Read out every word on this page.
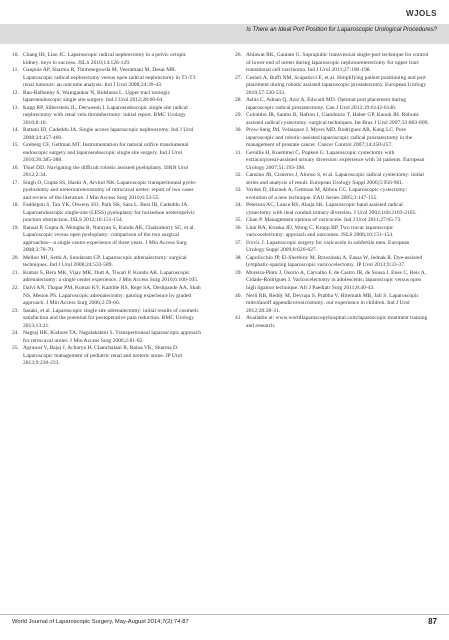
WJOLS
Is There an Ideal Port Position for Laparoscopic Urological Procedures?

10. Chang IH, Liao JC. Laparoscopic radical nephrectomy in a pelvic ectopic kidney: keys to success. JSLS 2010;14:126-129.

11. Ganpule AP, Sharma R, Thimmegowda M, Veeramani M, Desai MR. Laparoscopic radical nephrectomy versus open radical nephrectomy in T1-T3 renal tumours: an outcome analysis. Ind J Urol 2008;24:39-43.

12. Rao-Balbenny S, Waingankar N, Bidshena L. Upper tract urologic laparoendoscopic single site surgery. Ind J Urol 2012;28:60-64.

13. Kapp RP, Silberstein JL, Derweesh I. Laparoendoscopic single site radical nephrectomy with renal vein thrombectomy: initial report. BMC Urology 2010;8:10.

14. Rattani ID, Cadeddu JA. Single access laparoscopic nephrectomy. Ind J Urol 2008;24:457-460.

15. Greberg CF, Gettman MT. Instrumentation for natural orifice translumenal endoscopic surgery and laparoendoscopic single site surgery. Ind J Urol 2010;26:385-388.

16. Thiel DD. Navigating the difficult robotic assisted pyeloplasty. ISRN Urol 2012;2:34.

17. Singh O, Gupta SS, Hastir A, Arvind NK. Laparoscopic transperitoneal pyelo-pyelostomy and ureteroureterostomy of retrocaval ureter: report of two cases and review of the literature. J Min Access Surg 2010;6:53-55.

18. Faddegon S, Tan YK, Olweny EO, Park SK, Sara L. Best JB, Cadeddu JA. Laparoendoscopic single-site (LESS) pyeloplasty for horseshoe ureteropelvic junction obstruction. JSLS 2012;16:151-154.

19. Bansal P, Gupta A, Mongha R, Narayan S, Kundu AK, Chakraborty SC, et al. Laparoscopic versus open pyeloplasty: comparison of the two surgical approaches—a single centre experience of three years. J Min Access Surg 2008;3:76-79.

20. Mellon MJ, Sethi A, Sundaram CP. Laparoscopic adrenalectomy: surgical techniques. Ind J Urol 2008;24:533-589.

21. Kumar S, Bera MK, Vijay MK, Dutt A, Tiwari P, Kundu AK. Laparoscopic adrenalectomy: a single center experience. J Min Access Surg 2010;6:100-105.

22. Dalvi AN, Thapar PM, Kumar KV, Kamble RS, Rege SA, Deshpande AA, Shah NS, Menon PS. Laparoscopic adrenalectomy: gaining experience by graded approach. J Min Access Surg 2006;2:59-66.

23. Sasaki, et al. Laparoscopic single site adrenalectomy: initial results of cosmetic satisfaction and the potential for postoperative pain reduction. BMC Urology 2013;13:21.

24. Nagraj HK, Kishore TA, Nagalakshmi S. Transperitoneal laparoscopic approach for retrocaval ureter. J Min Access Surg 2006;2:81-82.

25. Agrawal V, Bajaj J, Acharya H, Chanchalani R, Raina VK, Sharma D. Laparoscopic management of pediatric renal and ureteric stone. JP Urol 2013;9:230-233.

26. Ahlawat RK, Gautam G. Suprapubic transvesical single-port technique for control of lower end of ureter during laparoscopic nephroureterectomy for upper tract transitional cell carcinoma. Ind J Urol 2011;27:190-198.

27. Cestari A, Buffi NM, Scapaticci E, et al. Simplifying patient positioning and port placement during robotic assisted laparoscopic prostatectomy. European Urology 2010;57:530-533.

28. Ashis C, Adnan Q, Aziz A, Edward MD. Optimal port placement during laparoscopic radical prostatectomy. Can J Urol 2012;19:6142-6146.

29. Colombo JR, Santos B, Hafron J, Gianduzzo T, Haber GP, Kaouk JH. Robotic assisted radical cystectomy: surgical techniques. Int Braz J Urol 2007;33:803-809.

30. Prow-Sang JM, Velasquez J, Myers MD, Rodriguez AR, Kang LC. Pure laparoscopic and robotic-assisted laparoscopic radical prostatectomy in the management of prostate cancer. Cancer Control 2007;14:250-257.

31. Gerullis H, Kuemmel C, Popken G. Laparoscopic cystectomy with extracorporeal-assisted urinary diversion: experience with 34 patients. European Urology 2007;51:193-198.

32. Cansino JR, Cisneros J, Alonso S, et al. Laparoscopic radical cystectomy: initial series and analysis of result. European Urology Suppl 2006;5:956-961.

33. Verdes D, Huznek A, Gettman M, Abbou CC. Laparoscopic cystectomy: evolution of a new technique. EAU Series 2005;3:147-155.

34. Peterson AC, Lance RS, Ahuja SK. Laparoscopic hand assisted radical cystectomy with ileal conduit urinary diversion. J Urol 2002;168:2103-2105.

35. Chan P. Management options of varicocele. Ind J Urol 2011;27:65-73.

36. Link BA, Kruska JD, Wong C, Kropp BP. Two trocar laparoscopic varicocelectomy: approach and outcomes. JSLS 2006;10:151-154.

37. Ivovic J. Laparoscopic surgery for varicocele in subfertile men. European Urology Suppl 2009;8:626-627.

38. Capolicchio JP, El-Sherbiny M, Brzezinski A, Eassa W, Jednak R. Dye-assisted lymphatic-sparing laparoscopic varicocelectomy. JP Urol 2013;9:33-37.

39. Moreira-Pinto J, Osorio A, Carvalho F, de Castro JR, de Sousa J, Enes C, Reis A, Cidade-Rodrigues J. Varicocelectomy in adolescents: laparoscopic versus open high ligation technique. Afr J Paediatr Surg 2011;8:40-43.

40. Nerli RB, Reddy M, Devraju S, Prabha V, Hiremath MB, Jali S. Laparoscopic mitrofanoff appendicovesicostomy: our experience in children. Ind J Urol 2012;28:28-31.

41. Available at: www.worldlaparoscopyhospital.com/laparoscopic treatment training and research.

World Journal of Laparoscopic Surgery, May-August 2014;7(2):74-87	87
